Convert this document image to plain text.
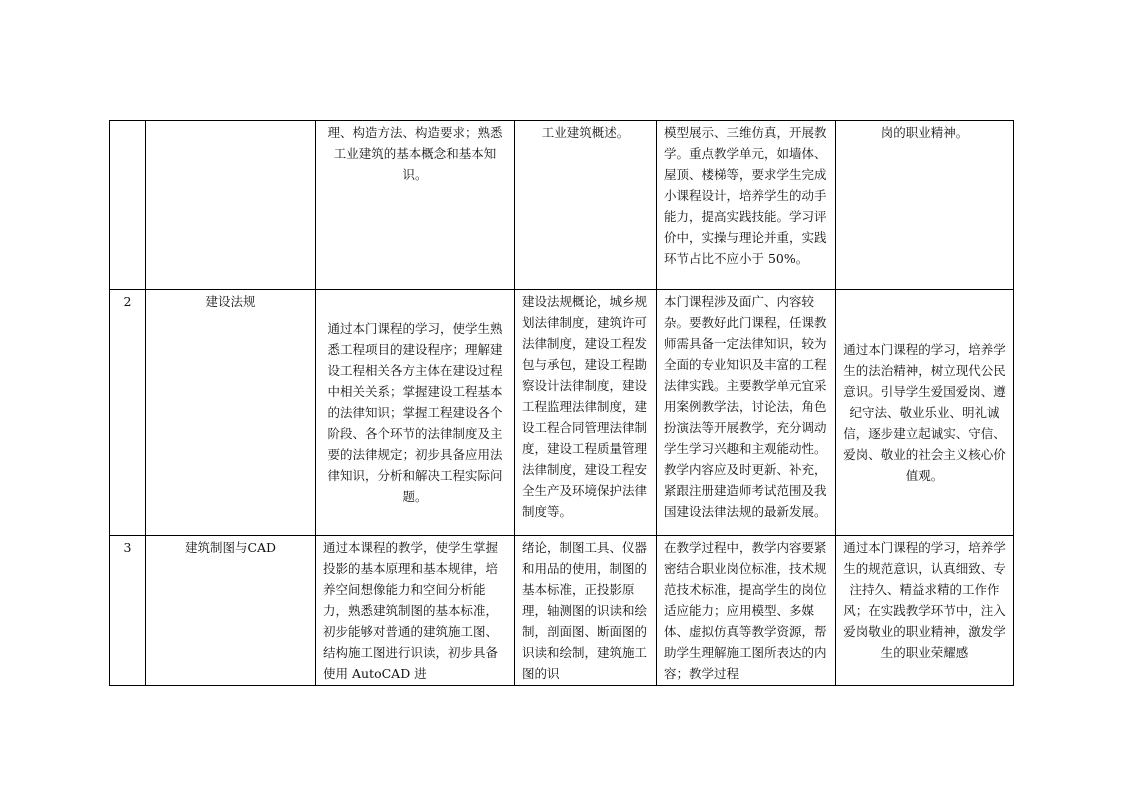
		理、构造方法、构造要求；熟悉工业建筑的基本概念和基本知识。	工业建筑概述。	模型展示、三维仿真，开展教学。重点教学单元，如墙体、屋顶、楼梯等，要求学生完成小课程设计，培养学生的动手能力，提高实践技能。学习评价中，实操与理论并重，实践环节占比不应小于 50%。	岗的职业精神。
2	建设法规	通过本门课程的学习，使学生熟悉工程项目的建设程序；理解建设工程相关各方主体在建设过程中相关关系；掌握建设工程基本的法律知识；掌握工程建设各个阶段、各个环节的法律制度及主要的法律规定；初步具备应用法律知识，分析和解决工程实际问题。	建设法规概论，城乡规划法律制度，建筑许可法律制度，建设工程发包与承包，建设工程勘察设计法律制度，建设工程监理法律制度，建设工程合同管理法律制度，建设工程质量管理法律制度，建设工程安全生产及环境保护法律制度等。	本门课程涉及面广、内容较杂。要教好此门课程，任课教师需具备一定法律知识，较为全面的专业知识及丰富的工程法律实践。主要教学单元宜采用案例教学法，讨论法，角色扮演法等开展教学，充分调动学生学习兴趣和主观能动性。教学内容应及时更新、补充，紧跟注册建造师考试范围及我国建设法律法规的最新发展。	通过本门课程的学习，培养学生的法治精神，树立现代公民意识。引导学生爱国爱岗、遵纪守法、敬业乐业、明礼诚信，逐步建立起诚实、守信、爱岗、敬业的社会主义核心价值观。
3	建筑制图与CAD	通过本课程的教学，使学生掌握投影的基本原理和基本规律，培养空间想像能力和空间分析能力，熟悉建筑制图的基本标准，初步能够对普通的建筑施工图、结构施工图进行识读，初步具备使用 AutoCAD 进	绪论，制图工具、仪器和用品的使用，制图的基本标准，正投影原理，轴测图的识读和绘制，剖面图、断面图的识读和绘制，建筑施工图的识	在教学过程中，教学内容要紧密结合职业岗位标准，技术规范技术标准，提高学生的岗位适应能力；应用模型、多媒体、虚拟仿真等教学资源，帮助学生理解施工图所表达的内容；教学过程	通过本门课程的学习，培养学生的规范意识，认真细致、专注持久、精益求精的工作作风；在实践教学环节中，注入爱岗敬业的职业精神，激发学生的职业荣耀感
